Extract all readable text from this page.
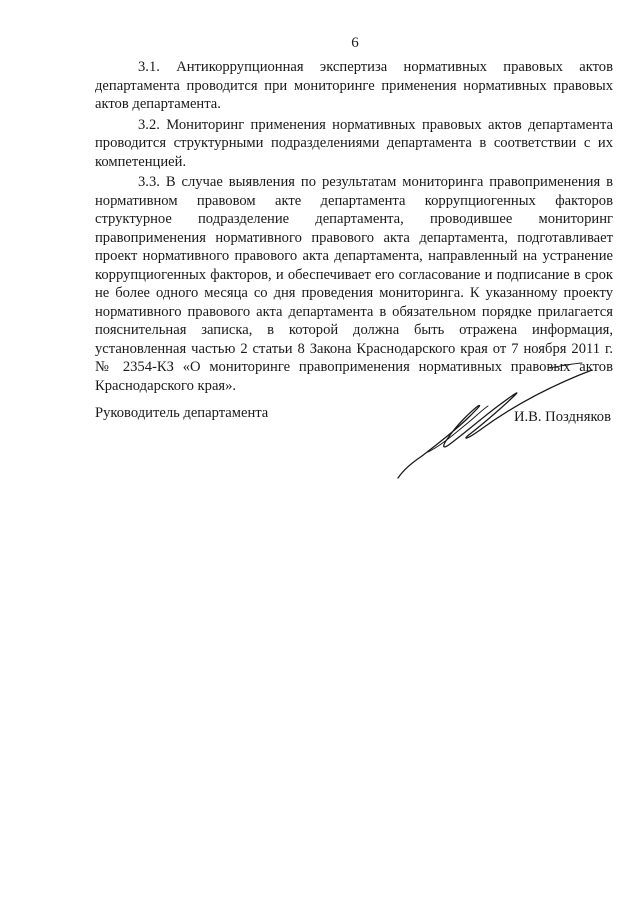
6

3.1. Антикоррупционная экспертиза нормативных правовых актов департамента проводится при мониторинге применения нормативных правовых актов департамента.

3.2. Мониторинг применения нормативных правовых актов департамента проводится структурными подразделениями департамента в соответствии с их компетенцией.

3.3. В случае выявления по результатам мониторинга правоприменения в нормативном правовом акте департамента коррупциогенных факторов структурное подразделение департамента, проводившее мониторинг правоприменения нормативного правового акта департамента, подготавливает проект нормативного правового акта департамента, направленный на устранение коррупциогенных факторов, и обеспечивает его согласование и подписание в срок не более одного месяца со дня проведения мониторинга. К указанному проекту нормативного правового акта департамента в обязательном порядке прилагается пояснительная записка, в которой должна быть отражена информация, установленная частью 2 статьи 8 Закона Краснодарского края от 7 ноября 2011 г. № 2354-КЗ «О мониторинге правоприменения нормативных правовых актов Краснодарского края».

Руководитель департамента	И.В. Поздняков
